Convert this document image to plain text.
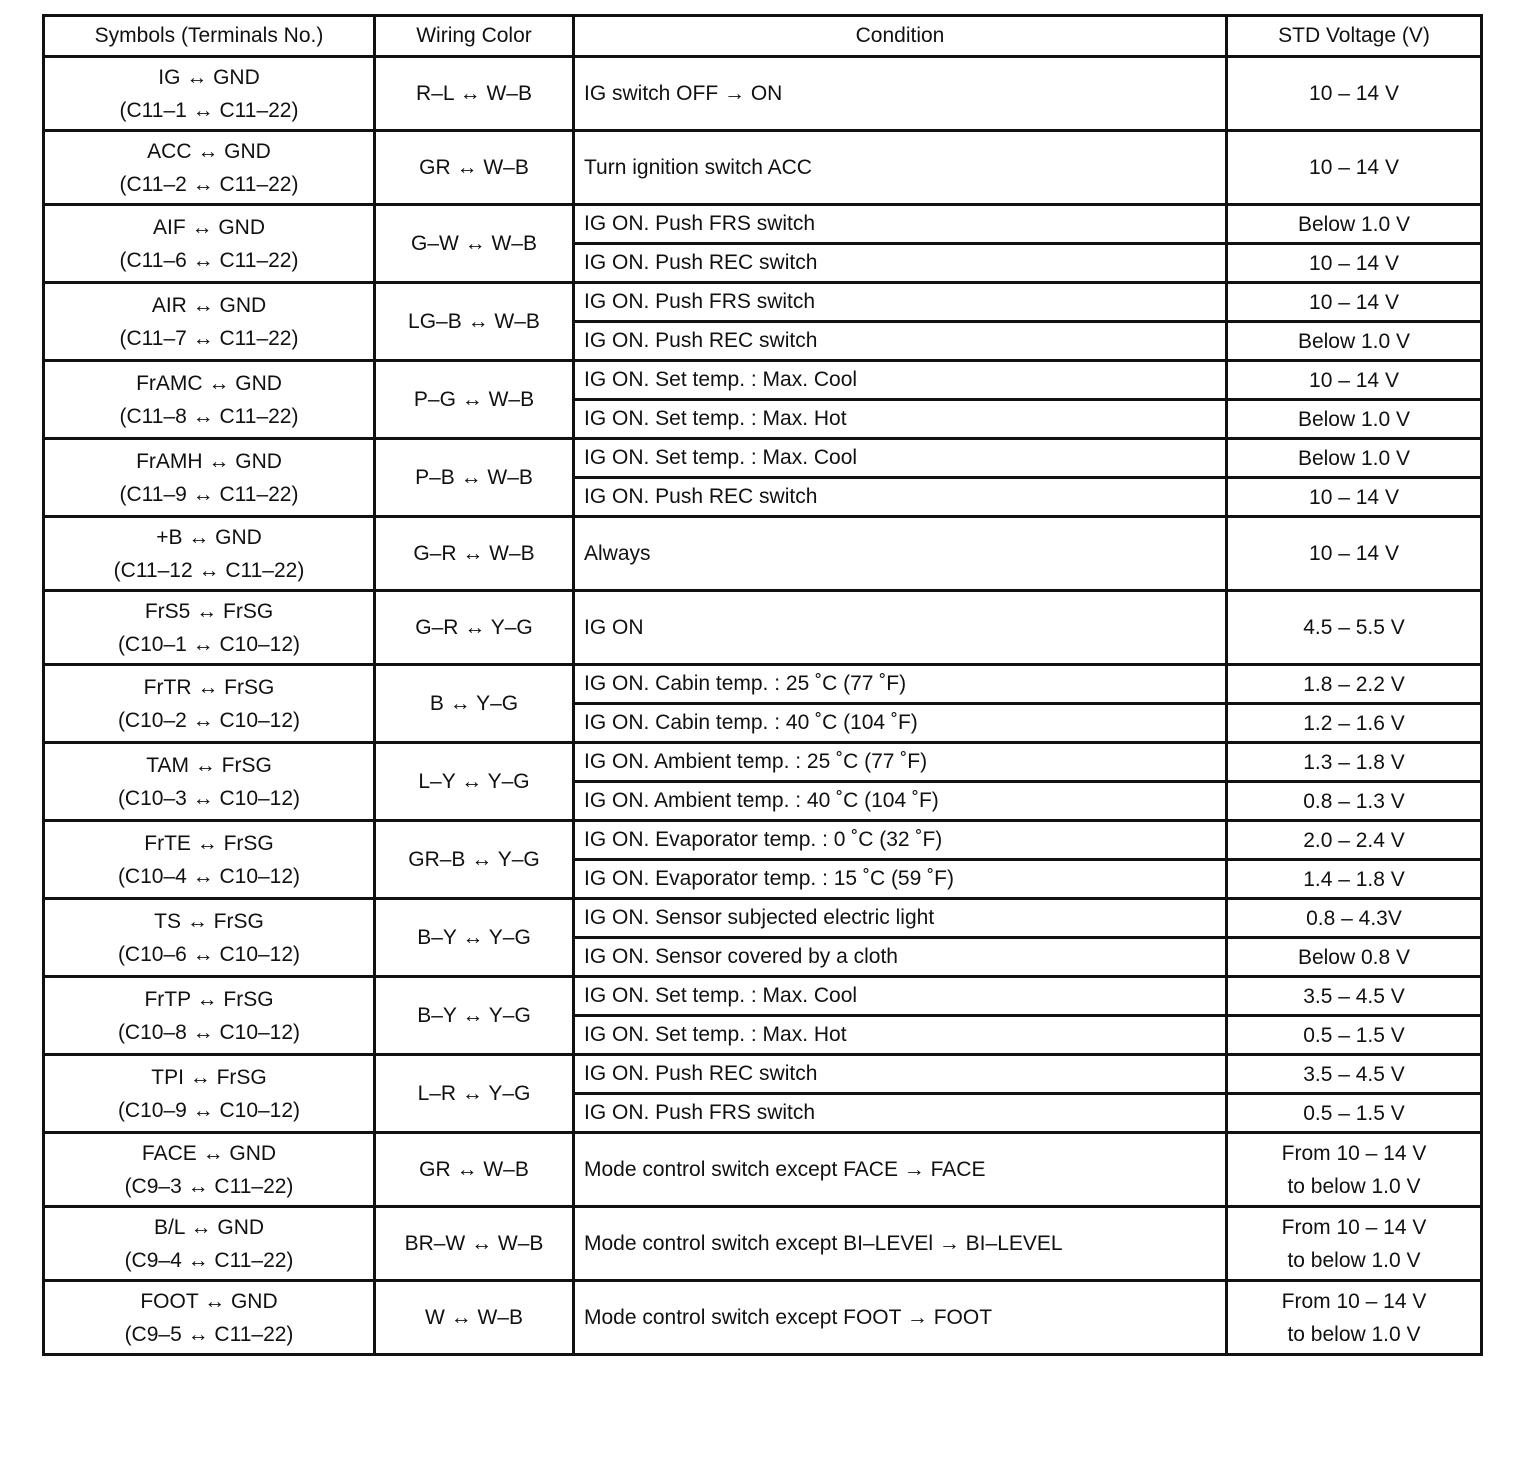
Symbols (Terminals No.)	Wiring Color	Condition	STD Voltage (V)

IG ↔ GND
(C11–1 ↔ C11–22)	R–L ↔ W–B	IG switch OFF → ON	10 – 14 V

ACC ↔ GND
(C11–2 ↔ C11–22)	GR ↔ W–B	Turn ignition switch ACC	10 – 14 V

AIF ↔ GND
(C11–6 ↔ C11–22)	G–W ↔ W–B	IG ON. Push FRS switch	Below 1.0 V

		IG ON. Push REC switch	10 – 14 V

AIR ↔ GND
(C11–7 ↔ C11–22)	LG–B ↔ W–B	IG ON. Push FRS switch	10 – 14 V

		IG ON. Push REC switch	Below 1.0 V

FrAMC ↔ GND
(C11–8 ↔ C11–22)	P–G ↔ W–B	IG ON. Set temp. : Max. Cool	10 – 14 V

		IG ON. Set temp. : Max. Hot	Below 1.0 V

FrAMH ↔ GND
(C11–9 ↔ C11–22)	P–B ↔ W–B	IG ON. Set temp. : Max. Cool	Below 1.0 V

		IG ON. Push REC switch	10 – 14 V

+B ↔ GND
(C11–12 ↔ C11–22)	G–R ↔ W–B	Always	10 – 14 V

FrS5 ↔ FrSG
(C10–1 ↔ C10–12)	G–R ↔ Y–G	IG ON	4.5 – 5.5 V

FrTR ↔ FrSG
(C10–2 ↔ C10–12)	B ↔ Y–G	IG ON. Cabin temp. : 25 ˚C (77 ˚F)	1.8 – 2.2 V

		IG ON. Cabin temp. : 40 ˚C (104 ˚F)	1.2 – 1.6 V

TAM ↔ FrSG
(C10–3 ↔ C10–12)	L–Y ↔ Y–G	IG ON. Ambient temp. : 25 ˚C (77 ˚F)	1.3 – 1.8 V

		IG ON. Ambient temp. : 40 ˚C (104 ˚F)	0.8 – 1.3 V

FrTE ↔ FrSG
(C10–4 ↔ C10–12)	GR–B ↔ Y–G	IG ON. Evaporator temp. : 0 ˚C (32 ˚F)	2.0 – 2.4 V

		IG ON. Evaporator temp. : 15 ˚C (59 ˚F)	1.4 – 1.8 V

TS ↔ FrSG
(C10–6 ↔ C10–12)	B–Y ↔ Y–G	IG ON. Sensor subjected electric light	0.8 – 4.3V

		IG ON. Sensor covered by a cloth	Below 0.8 V

FrTP ↔ FrSG
(C10–8 ↔ C10–12)	B–Y ↔ Y–G	IG ON. Set temp. : Max. Cool	3.5 – 4.5 V

		IG ON. Set temp. : Max. Hot	0.5 – 1.5 V

TPI ↔ FrSG
(C10–9 ↔ C10–12)	L–R ↔ Y–G	IG ON. Push REC switch	3.5 – 4.5 V

		IG ON. Push FRS switch	0.5 – 1.5 V

FACE ↔ GND
(C9–3 ↔ C11–22)	GR ↔ W–B	Mode control switch except FACE → FACE	From 10 – 14 V
to below 1.0 V

B/L ↔ GND
(C9–4 ↔ C11–22)	BR–W ↔ W–B	Mode control switch except BI–LEVEl → BI–LEVEL	From 10 – 14 V
to below 1.0 V

FOOT ↔ GND
(C9–5 ↔ C11–22)	W ↔ W–B	Mode control switch except FOOT → FOOT	From 10 – 14 V
to below 1.0 V
